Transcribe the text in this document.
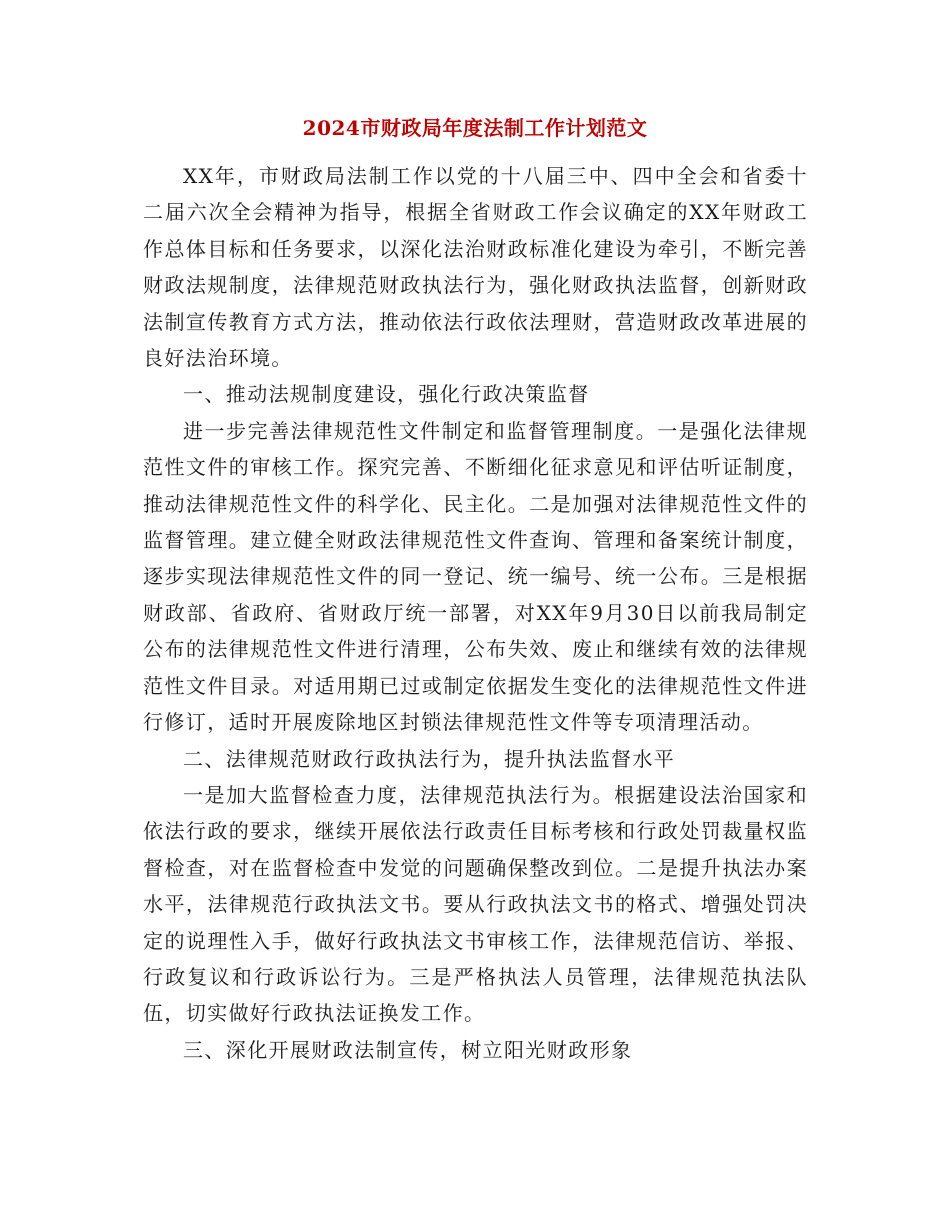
2024市财政局年度法制工作计划范文

XX年，市财政局法制工作以党的十八届三中、四中全会和省委十二届六次全会精神为指导，根据全省财政工作会议确定的XX年财政工作总体目标和任务要求，以深化法治财政标准化建设为牵引，不断完善财政法规制度，法律规范财政执法行为，强化财政执法监督，创新财政法制宣传教育方式方法，推动依法行政依法理财，营造财政改革进展的良好法治环境。

一、推动法规制度建设，强化行政决策监督

进一步完善法律规范性文件制定和监督管理制度。一是强化法律规范性文件的审核工作。探究完善、不断细化征求意见和评估听证制度，推动法律规范性文件的科学化、民主化。二是加强对法律规范性文件的监督管理。建立健全财政法律规范性文件查询、管理和备案统计制度，逐步实现法律规范性文件的同一登记、统一编号、统一公布。三是根据财政部、省政府、省财政厅统一部署，对XX年9月30日以前我局制定公布的法律规范性文件进行清理，公布失效、废止和继续有效的法律规范性文件目录。对适用期已过或制定依据发生变化的法律规范性文件进行修订，适时开展废除地区封锁法律规范性文件等专项清理活动。

二、法律规范财政行政执法行为，提升执法监督水平

一是加大监督检查力度，法律规范执法行为。根据建设法治国家和依法行政的要求，继续开展依法行政责任目标考核和行政处罚裁量权监督检查，对在监督检查中发觉的问题确保整改到位。二是提升执法办案水平，法律规范行政执法文书。要从行政执法文书的格式、增强处罚决定的说理性入手，做好行政执法文书审核工作，法律规范信访、举报、行政复议和行政诉讼行为。三是严格执法人员管理，法律规范执法队伍，切实做好行政执法证换发工作。

三、深化开展财政法制宣传，树立阳光财政形象
